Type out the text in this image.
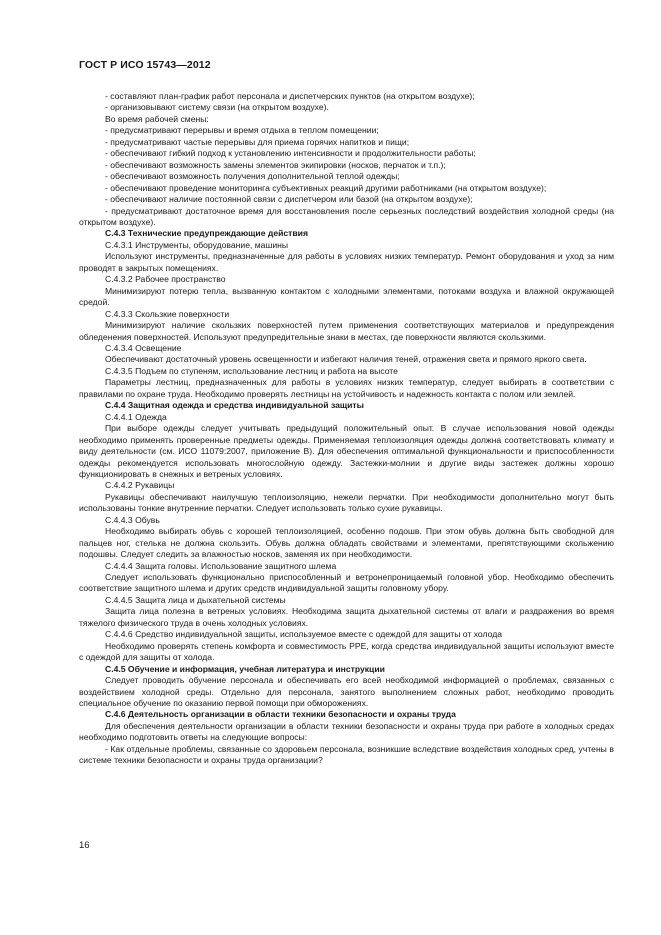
ГОСТ Р ИСО 15743—2012

- составляют план-график работ персонала и диспетчерских пунктов (на открытом воздухе);

- организовывают систему связи (на открытом воздухе).

Во время рабочей смены:

- предусматривают перерывы и время отдыха в теплом помещении;

- предусматривают частые перерывы для приема горячих напитков и пищи;

- обеспечивают гибкий подход к установлению интенсивности и продолжительности работы;

- обеспечивают возможность замены элементов экипировки (носков, перчаток и т.п.);

- обеспечивают возможность получения дополнительной теплой одежды;

- обеспечивают проведение мониторинга субъективных реакций другими работниками (на открытом воздухе);

- обеспечивают наличие постоянной связи с диспетчером или базой (на открытом воздухе);

- предусматривают достаточное время для восстановления после серьезных последствий воздействия холодной среды (на открытом воздухе).

С.4.3 Технические предупреждающие действия

С.4.3.1 Инструменты, оборудование, машины

Используют инструменты, предназначенные для работы в условиях низких температур. Ремонт оборудования и уход за ним проводят в закрытых помещениях.

С.4.3.2 Рабочее пространство

Минимизируют потерю тепла, вызванную контактом с холодными элементами, потоками воздуха и влажной окружающей средой.

С.4.3.3 Скользкие поверхности

Минимизируют наличие скользких поверхностей путем применения соответствующих материалов и предупреждения обледенения поверхностей. Используют предупредительные знаки в местах, где поверхности являются скользкими.

С.4.3.4 Освещение

Обеспечивают достаточный уровень освещенности и избегают наличия теней, отражения света и прямого яркого света.

С.4.3.5 Подъем по ступеням, использование лестниц и работа на высоте

Параметры лестниц, предназначенных для работы в условиях низких температур, следует выбирать в соответствии с правилами по охране труда. Необходимо проверять лестницы на устойчивость и надежность контакта с полом или землей.

С.4.4 Защитная одежда и средства индивидуальной защиты

С.4.4.1 Одежда

При выборе одежды следует учитывать предыдущий положительный опыт. В случае использования новой одежды необходимо применять проверенные предметы одежды. Применяемая теплоизоляция одежды должна соответствовать климату и виду деятельности (см. ИСО 11079:2007, приложение В). Для обеспечения оптимальной функциональности и приспособленности одежды рекомендуется использовать многослойную одежду. Застежки-молнии и другие виды застежек должны хорошо функционировать в снежных и ветреных условиях.

С.4.4.2 Рукавицы

Рукавицы обеспечивают наилучшую теплоизоляцию, нежели перчатки. При необходимости дополнительно могут быть использованы тонкие внутренние перчатки. Следует использовать только сухие рукавицы.

С.4.4.3 Обувь

Необходимо выбирать обувь с хорошей теплоизоляцией, особенно подошв. При этом обувь должна быть свободной для пальцев ног, стелька не должна скользить. Обувь должна обладать свойствами и элементами, препятствующими скольжению подошвы. Следует следить за влажностью носков, заменяя их при необходимости.

С.4.4.4 Защита головы. Использование защитного шлема

Следует использовать функционально приспособленный и ветронепроницаемый головной убор. Необходимо обеспечить соответствие защитного шлема и других средств индивидуальной защиты головному убору.

С.4.4.5 Защита лица и дыхательной системы

Защита лица полезна в ветреных условиях. Необходима защита дыхательной системы от влаги и раздражения во время тяжелого физического труда в очень холодных условиях.

С.4.4.6 Средство индивидуальной защиты, используемое вместе с одеждой для защиты от холода

Необходимо проверять степень комфорта и совместимость PPE, когда средства индивидуальной защиты используют вместе с одеждой для защиты от холода.

С.4.5 Обучение и информация, учебная литература и инструкции

Следует проводить обучение персонала и обеспечивать его всей необходимой информацией о проблемах, связанных с воздействием холодной среды. Отдельно для персонала, занятого выполнением сложных работ, необходимо проводить специальное обучение по оказанию первой помощи при обморожениях.

С.4.6 Деятельность организации в области техники безопасности и охраны труда

Для обеспечения деятельности организации в области техники безопасности и охраны труда при работе в холодных средах необходимо подготовить ответы на следующие вопросы:

- Как отдельные проблемы, связанные со здоровьем персонала, возникшие вследствие воздействия холодных сред, учтены в системе техники безопасности и охраны труда организации?

16
